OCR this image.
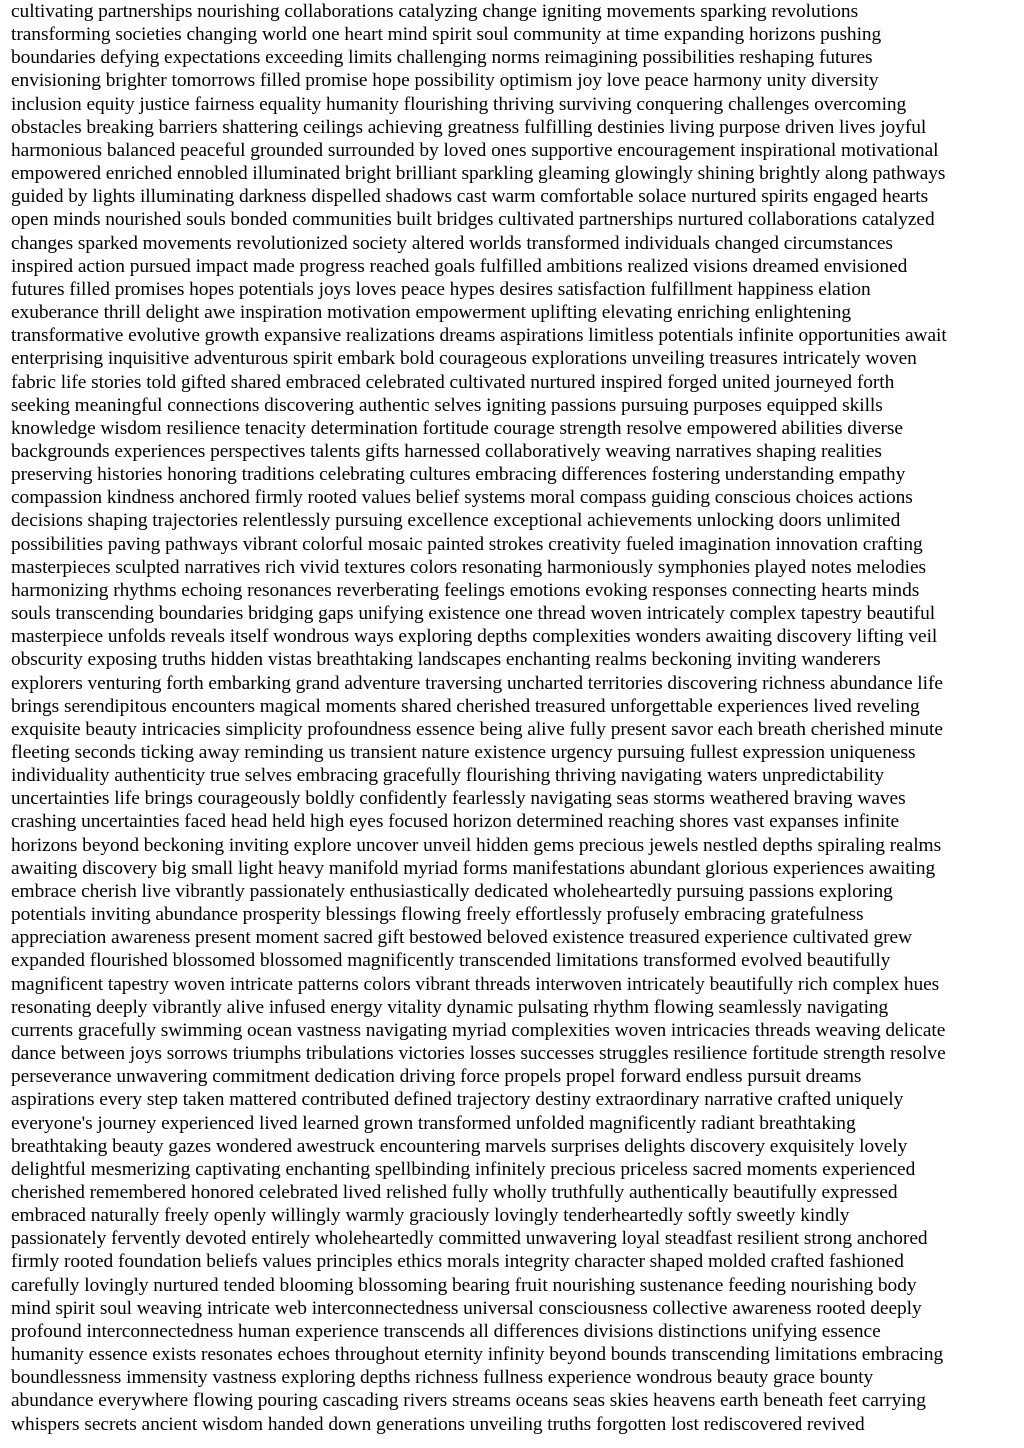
cultivating partnerships nourishing collaborations catalyzing change igniting movements sparking revolutions
transforming societies changing world one heart mind spirit soul community at time expanding horizons pushing
boundaries defying expectations exceeding limits challenging norms reimagining possibilities reshaping futures
envisioning brighter tomorrows filled promise hope possibility optimism joy love peace harmony unity diversity
inclusion equity justice fairness equality humanity flourishing thriving surviving conquering challenges overcoming
obstacles breaking barriers shattering ceilings achieving greatness fulfilling destinies living purpose driven lives joyful
harmonious balanced peaceful grounded surrounded by loved ones supportive encouragement inspirational motivational
empowered enriched ennobled illuminated bright brilliant sparkling gleaming glowingly shining brightly along pathways
guided by lights illuminating darkness dispelled shadows cast warm comfortable solace nurtured spirits engaged hearts
open minds nourished souls bonded communities built bridges cultivated partnerships nurtured collaborations catalyzed
changes sparked movements revolutionized society altered worlds transformed individuals changed circumstances
inspired action pursued impact made progress reached goals fulfilled ambitions realized visions dreamed envisioned
futures filled promises hopes potentials joys loves peace hypes desires satisfaction fulfillment happiness elation
exuberance thrill delight awe inspiration motivation empowerment uplifting elevating enriching enlightening
transformative evolutive growth expansive realizations dreams aspirations limitless potentials infinite opportunities await
enterprising inquisitive adventurous spirit embark bold courageous explorations unveiling treasures intricately woven
fabric life stories told gifted shared embraced celebrated cultivated nurtured inspired forged united journeyed forth
seeking meaningful connections discovering authentic selves igniting passions pursuing purposes equipped skills
knowledge wisdom resilience tenacity determination fortitude courage strength resolve empowered abilities diverse
backgrounds experiences perspectives talents gifts harnessed collaboratively weaving narratives shaping realities
preserving histories honoring traditions celebrating cultures embracing differences fostering understanding empathy
compassion kindness anchored firmly rooted values belief systems moral compass guiding conscious choices actions
decisions shaping trajectories relentlessly pursuing excellence exceptional achievements unlocking doors unlimited
possibilities paving pathways vibrant colorful mosaic painted strokes creativity fueled imagination innovation crafting
masterpieces sculpted narratives rich vivid textures colors resonating harmoniously symphonies played notes melodies
harmonizing rhythms echoing resonances reverberating feelings emotions evoking responses connecting hearts minds
souls transcending boundaries bridging gaps unifying existence one thread woven intricately complex tapestry beautiful
masterpiece unfolds reveals itself wondrous ways exploring depths complexities wonders awaiting discovery lifting veil
obscurity exposing truths hidden vistas breathtaking landscapes enchanting realms beckoning inviting wanderers
explorers venturing forth embarking grand adventure traversing uncharted territories discovering richness abundance life
brings serendipitous encounters magical moments shared cherished treasured unforgettable experiences lived reveling
exquisite beauty intricacies simplicity profoundness essence being alive fully present savor each breath cherished minute
fleeting seconds ticking away reminding us transient nature existence urgency pursuing fullest expression uniqueness
individuality authenticity true selves embracing gracefully flourishing thriving navigating waters unpredictability
uncertainties life brings courageously boldly confidently fearlessly navigating seas storms weathered braving waves
crashing uncertainties faced head held high eyes focused horizon determined reaching shores vast expanses infinite
horizons beyond beckoning inviting explore uncover unveil hidden gems precious jewels nestled depths spiraling realms
awaiting discovery big small light heavy manifold myriad forms manifestations abundant glorious experiences awaiting
embrace cherish live vibrantly passionately enthusiastically dedicated wholeheartedly pursuing passions exploring
potentials inviting abundance prosperity blessings flowing freely effortlessly profusely embracing gratefulness
appreciation awareness present moment sacred gift bestowed beloved existence treasured experience cultivated grew
expanded flourished blossomed blossomed magnificently transcended limitations transformed evolved beautifully
magnificent tapestry woven intricate patterns colors vibrant threads interwoven intricately beautifully rich complex hues
resonating deeply vibrantly alive infused energy vitality dynamic pulsating rhythm flowing seamlessly navigating
currents gracefully swimming ocean vastness navigating myriad complexities woven intricacies threads weaving delicate
dance between joys sorrows triumphs tribulations victories losses successes struggles resilience fortitude strength resolve
perseverance unwavering commitment dedication driving force propels propel forward endless pursuit dreams
aspirations every step taken mattered contributed defined trajectory destiny extraordinary narrative crafted uniquely
everyone's journey experienced lived learned grown transformed unfolded magnificently radiant breathtaking
breathtaking beauty gazes wondered awestruck encountering marvels surprises delights discovery exquisitely lovely
delightful mesmerizing captivating enchanting spellbinding infinitely precious priceless sacred moments experienced
cherished remembered honored celebrated lived relished fully wholly truthfully authentically beautifully expressed
embraced naturally freely openly willingly warmly graciously lovingly tenderheartedly softly sweetly kindly
passionately fervently devoted entirely wholeheartedly committed unwavering loyal steadfast resilient strong anchored
firmly rooted foundation beliefs values principles ethics morals integrity character shaped molded crafted fashioned
carefully lovingly nurtured tended blooming blossoming bearing fruit nourishing sustenance feeding nourishing body
mind spirit soul weaving intricate web interconnectedness universal consciousness collective awareness rooted deeply
profound interconnectedness human experience transcends all differences divisions distinctions unifying essence
humanity essence exists resonates echoes throughout eternity infinity beyond bounds transcending limitations embracing
boundlessness immensity vastness exploring depths richness fullness experience wondrous beauty grace bounty
abundance everywhere flowing pouring cascading rivers streams oceans seas skies heavens earth beneath feet carrying
whispers secrets ancient wisdom handed down generations unveiling truths forgotten lost rediscovered revived
